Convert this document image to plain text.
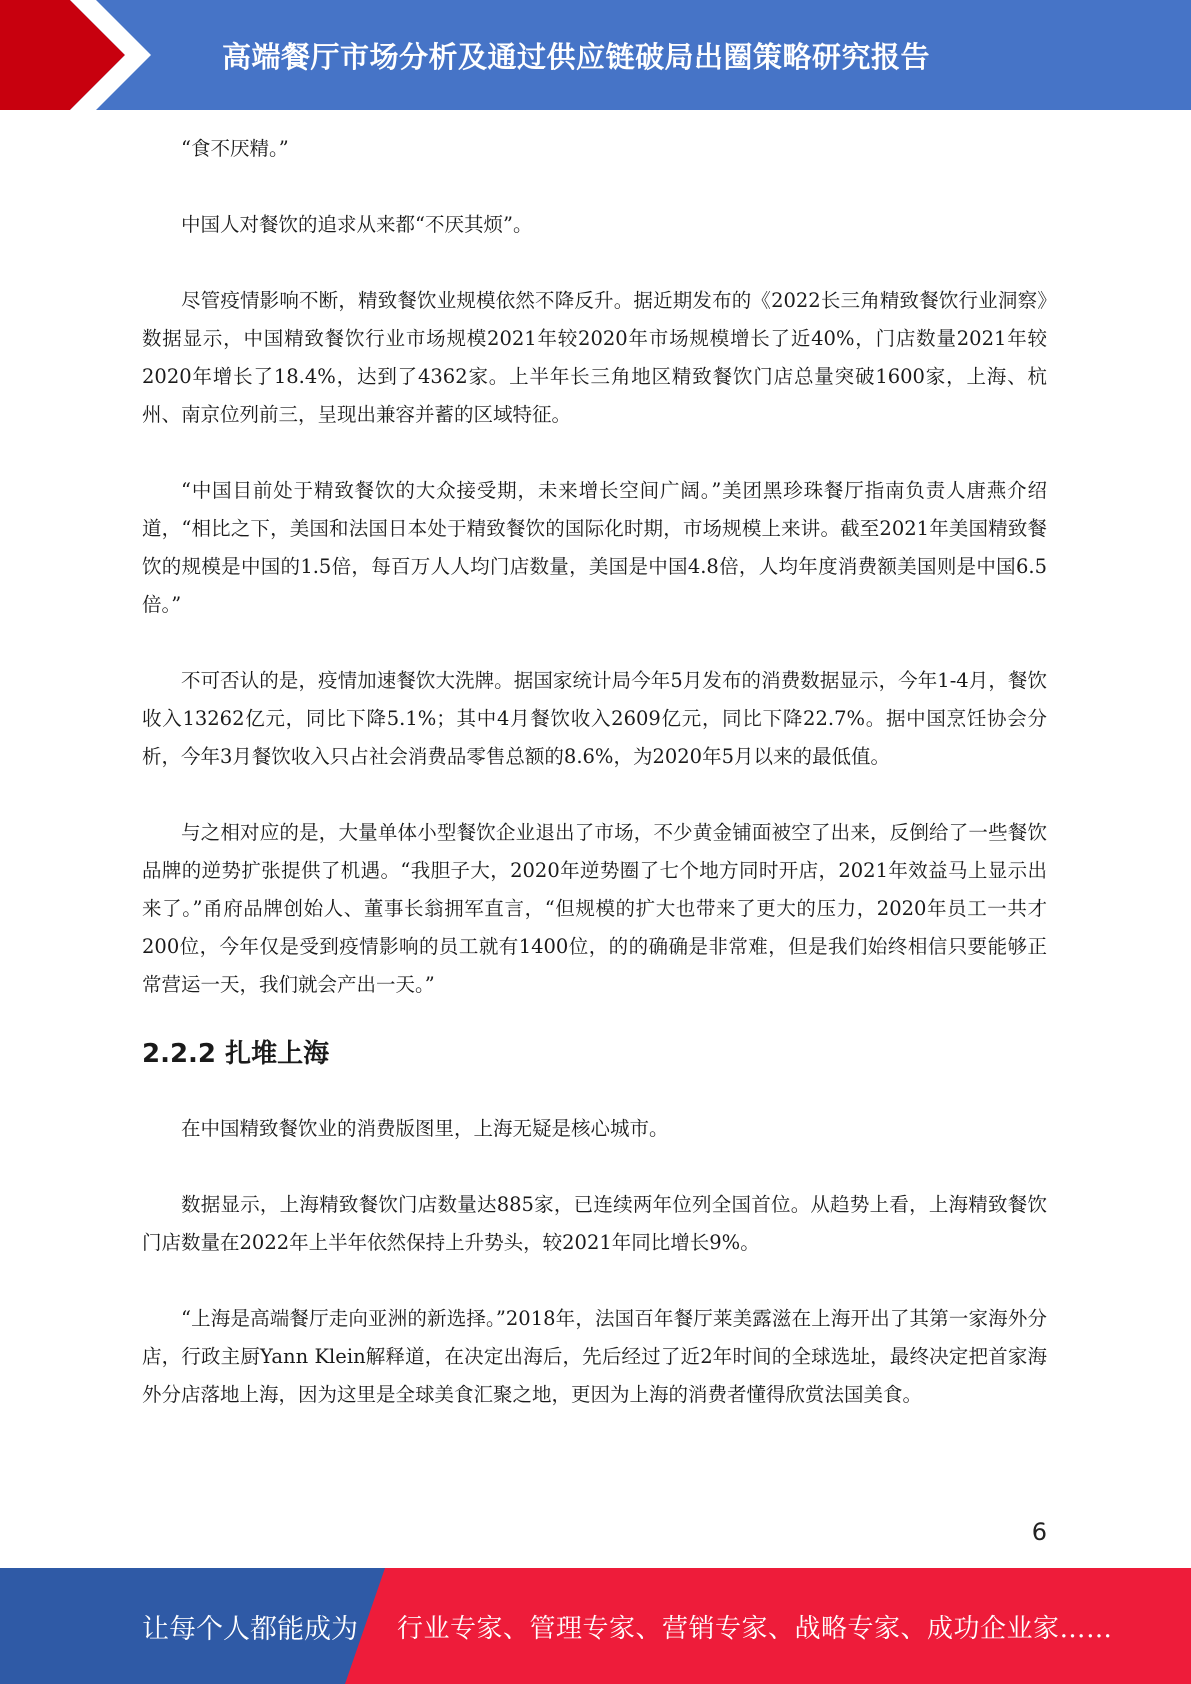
高端餐厅市场分析及通过供应链破局出圈策略研究报告

“食不厌精。”

中国人对餐饮的追求从来都“不厌其烦”。

尽管疫情影响不断，精致餐饮业规模依然不降反升。据近期发布的《2022长三角精致餐饮行业洞察》数据显示，中国精致餐饮行业市场规模2021年较2020年市场规模增长了近40%，门店数量2021年较2020年增长了18.4%，达到了4362家。上半年长三角地区精致餐饮门店总量突破1600家，上海、杭州、南京位列前三，呈现出兼容并蓄的区域特征。

“中国目前处于精致餐饮的大众接受期，未来增长空间广阔。”美团黑珍珠餐厅指南负责人唐燕介绍道，“相比之下，美国和法国日本处于精致餐饮的国际化时期，市场规模上来讲。截至2021年美国精致餐饮的规模是中国的1.5倍，每百万人人均门店数量，美国是中国4.8倍，人均年度消费额美国则是中国6.5倍。”

不可否认的是，疫情加速餐饮大洗牌。据国家统计局今年5月发布的消费数据显示，今年1-4月，餐饮收入13262亿元，同比下降5.1%；其中4月餐饮收入2609亿元，同比下降22.7%。据中国烹饪协会分析，今年3月餐饮收入只占社会消费品零售总额的8.6%，为2020年5月以来的最低值。

与之相对应的是，大量单体小型餐饮企业退出了市场，不少黄金铺面被空了出来，反倒给了一些餐饮品牌的逆势扩张提供了机遇。“我胆子大，2020年逆势圈了七个地方同时开店，2021年效益马上显示出来了。”甬府品牌创始人、董事长翁拥军直言，“但规模的扩大也带来了更大的压力，2020年员工一共才200位，今年仅是受到疫情影响的员工就有1400位，的的确确是非常难，但是我们始终相信只要能够正常营运一天，我们就会产出一天。”

2.2.2 扎堆上海

在中国精致餐饮业的消费版图里，上海无疑是核心城市。

数据显示，上海精致餐饮门店数量达885家，已连续两年位列全国首位。从趋势上看，上海精致餐饮门店数量在2022年上半年依然保持上升势头，较2021年同比增长9%。

“上海是高端餐厅走向亚洲的新选择。”2018年，法国百年餐厅莱美露滋在上海开出了其第一家海外分店，行政主厨Yann Klein解释道，在决定出海后，先后经过了近2年时间的全球选址，最终决定把首家海外分店落地上海，因为这里是全球美食汇聚之地，更因为上海的消费者懂得欣赏法国美食。

6
让每个人都能成为 行业专家、管理专家、营销专家、战略专家、成功企业家……
